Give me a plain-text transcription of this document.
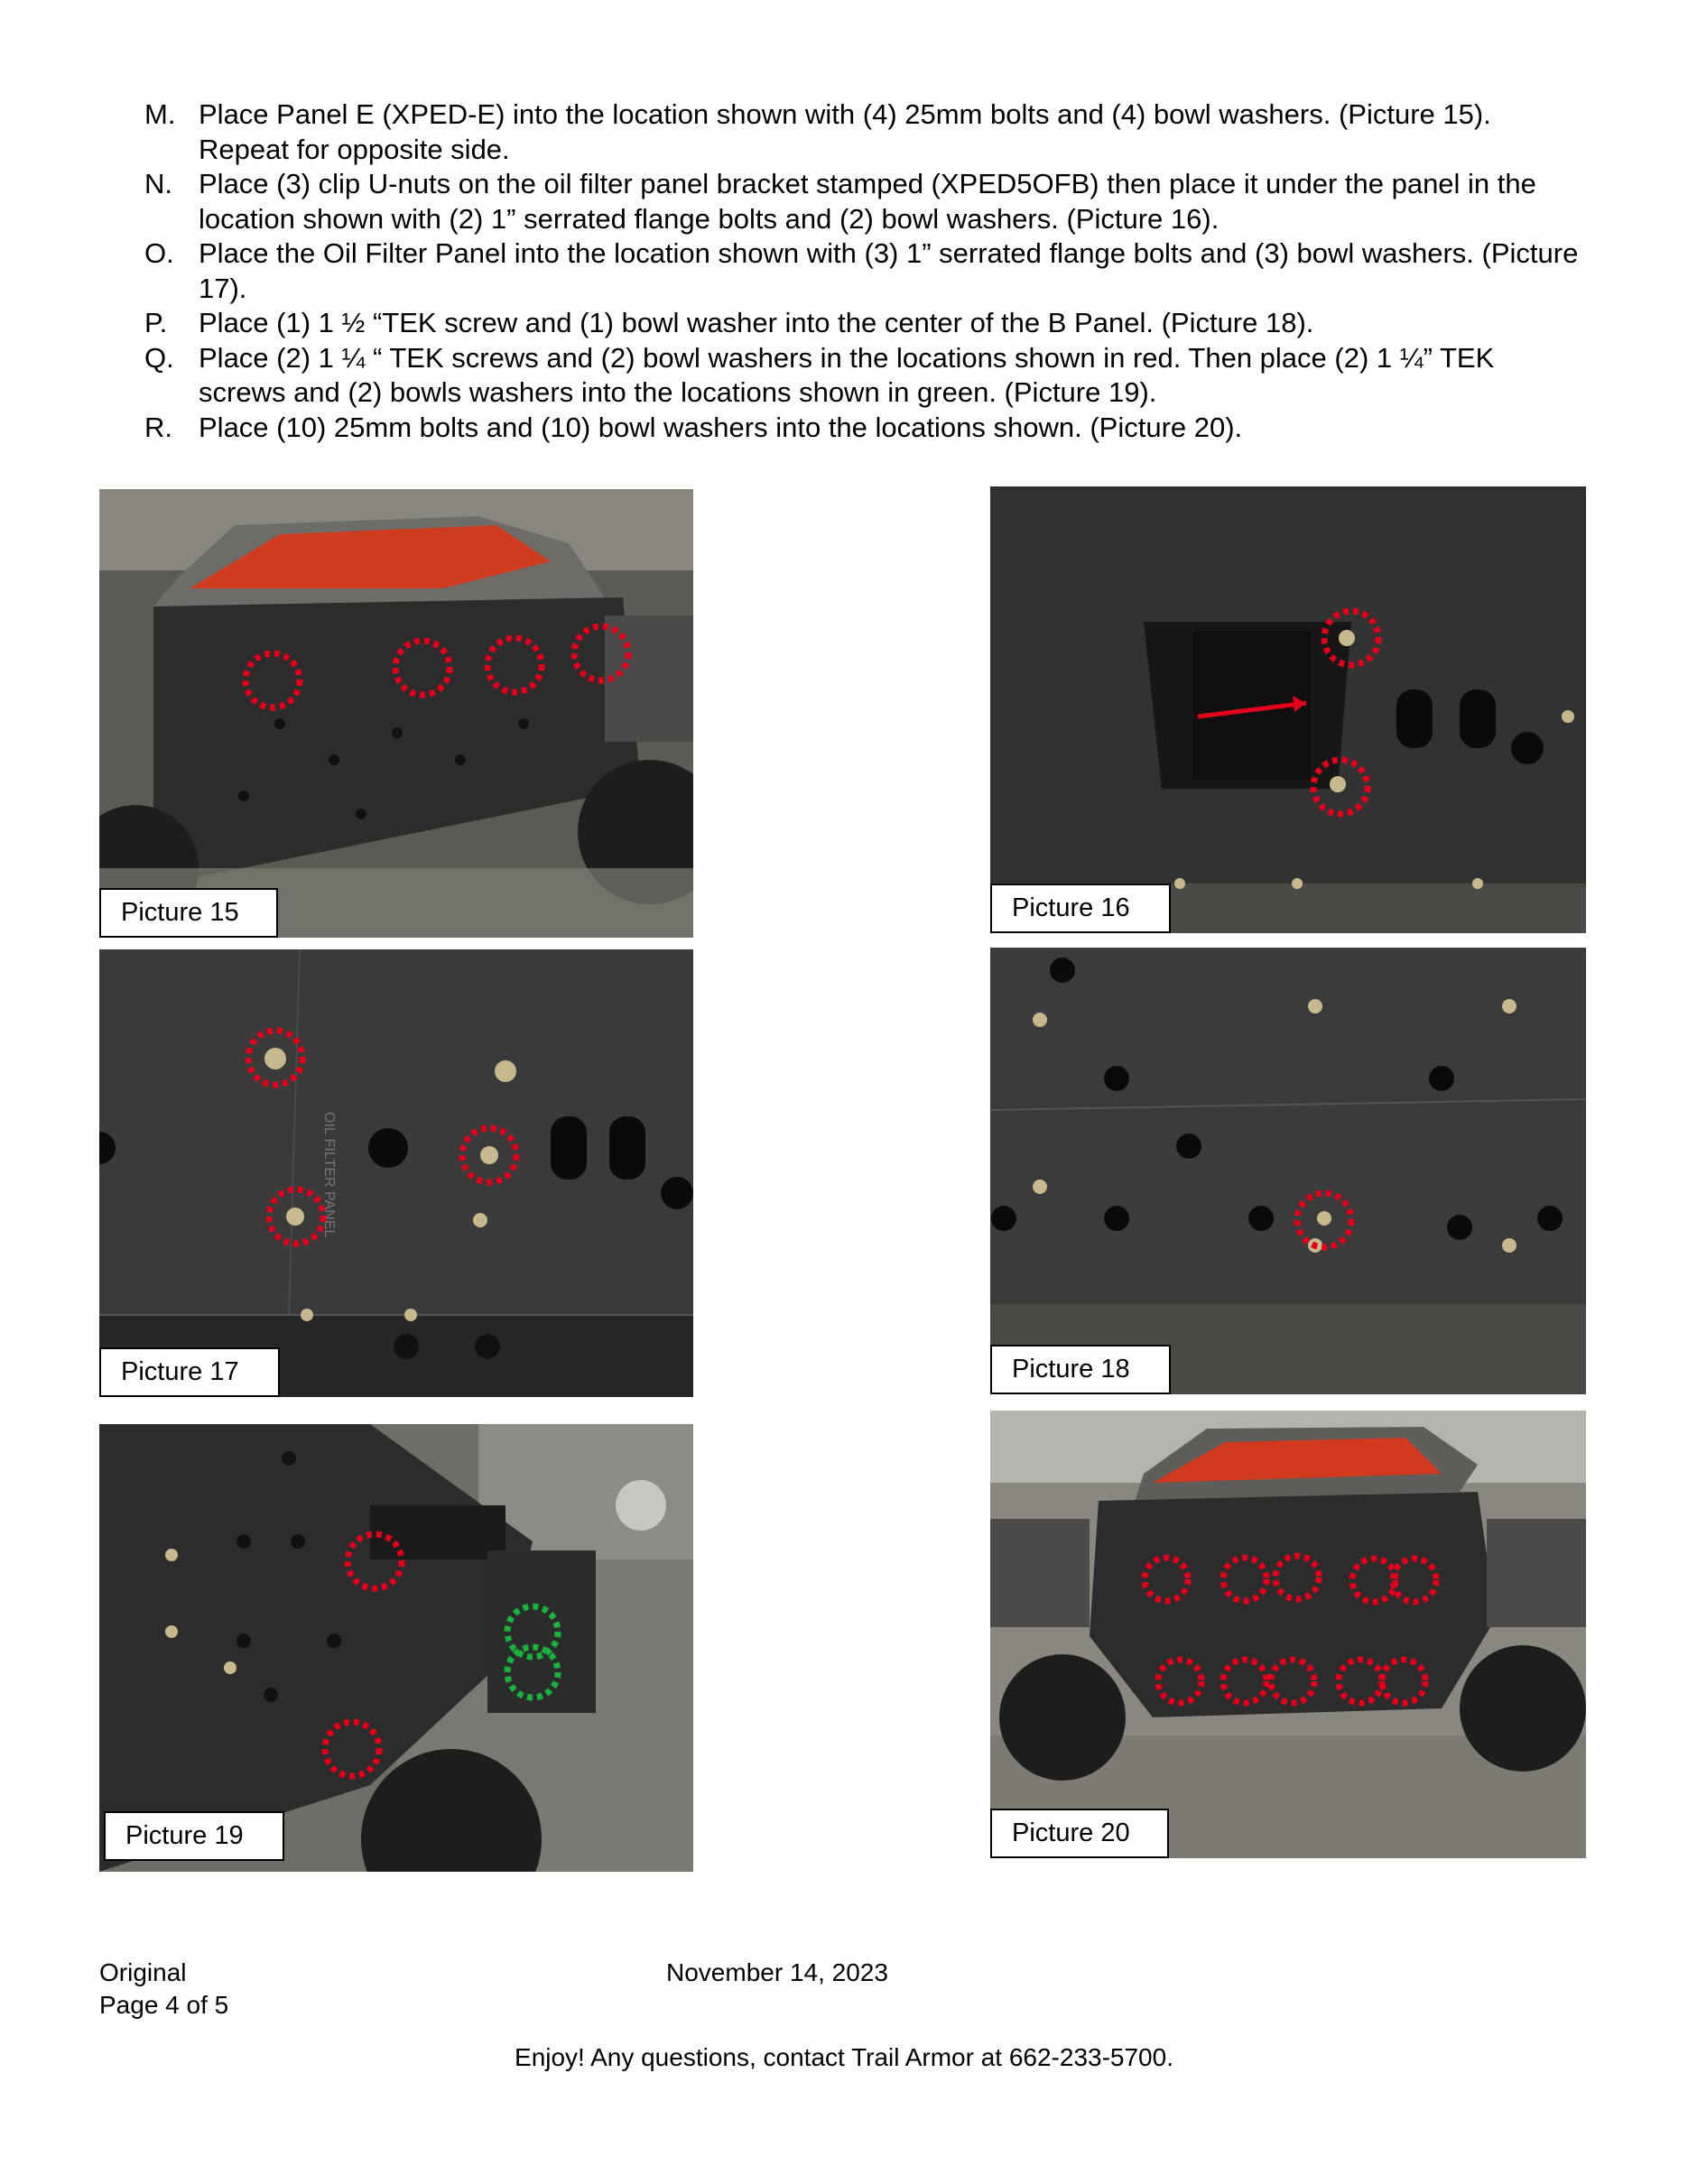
M. Place Panel E (XPED-E) into the location shown with (4) 25mm bolts and (4) bowl washers. (Picture 15). Repeat for opposite side.
N. Place (3) clip U-nuts on the oil filter panel bracket stamped (XPED5OFB) then place it under the panel in the location shown with (2) 1” serrated flange bolts and (2) bowl washers. (Picture 16).
O. Place the Oil Filter Panel into the location shown with (3) 1” serrated flange bolts and (3) bowl washers. (Picture 17).
P.	Place (1) 1 ½ “TEK screw and (1) bowl washer into the center of the B Panel. (Picture 18).
Q. Place (2) 1 ¼ “ TEK screws and (2) bowl washers in the locations shown in red. Then place (2) 1 ¼” TEK screws and (2) bowls washers into the locations shown in green. (Picture 19).
R. Place (10) 25mm bolts and (10) bowl washers into the locations shown. (Picture 20).
Picture 15	Picture 16
OIL FILTER PANEL
Picture 17	Picture 18
Picture 19	Picture 20
Original
Page 4 of 5
November 14, 2023
Enjoy! Any questions, contact Trail Armor at 662-233-5700.
